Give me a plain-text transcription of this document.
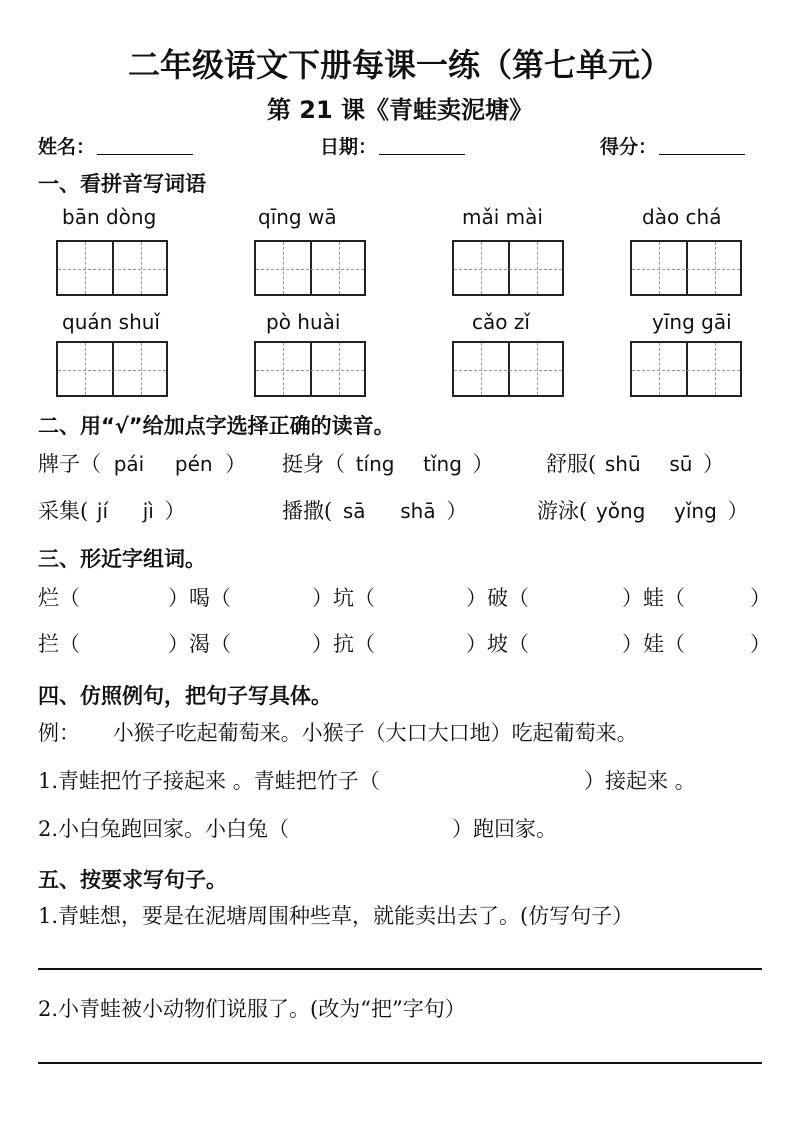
二年级语文下册每课一练（第七单元）
第 21 课《青蛙卖泥塘》
姓名：	日期：	得分：
一、看拼音写词语
bān dòng	qīng wā	mǎi mài	dào chá
quán shuǐ	pò huài	cǎo zǐ	yīng gāi
二、用“√”给加点字选择正确的读音。
牌子（ pái pén ） 挺身（ tíng tǐng ） 舒服( shū sū ）
采集( jí jì ）	播撒( sā shā ）	游泳( yǒng yǐng ）
三、形近字组词。
烂（	）喝（	）坑（	）破（	）蛙（	）
拦（	）渴（	）抗（	）坡（	）娃（	）
四、仿照例句，把句子写具体。
例： 小猴子吃起葡萄来。小猴子（大口大口地）吃起葡萄来。
1.青蛙把竹子接起来 。青蛙把竹子（	）接起来 。
2.小白兔跑回家。小白兔（	）跑回家。
五、按要求写句子。
1.青蛙想，要是在泥塘周围种些草，就能卖出去了。(仿写句子）
2.小青蛙被小动物们说服了。(改为“把”字句）
